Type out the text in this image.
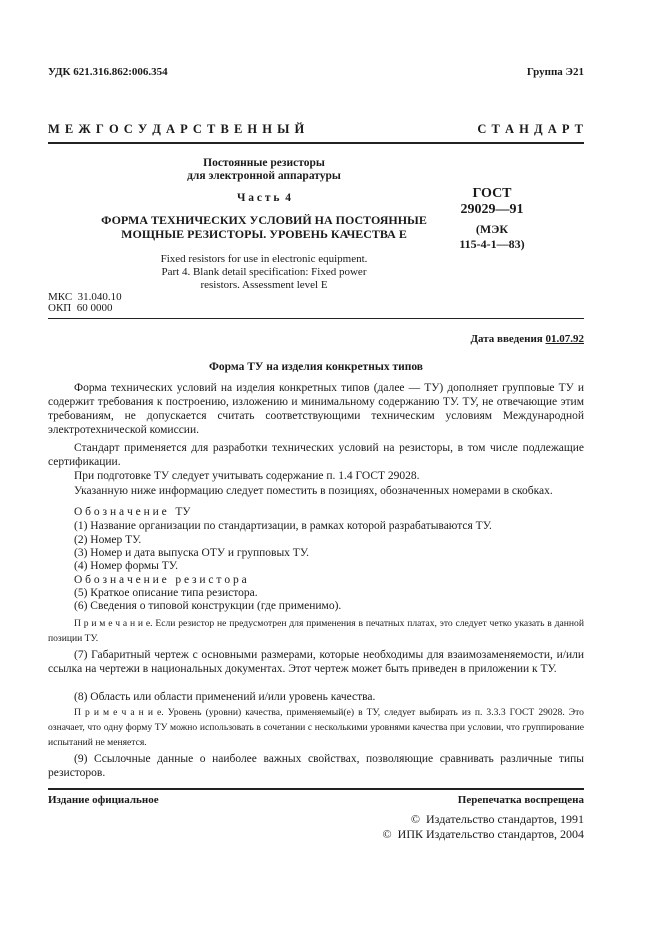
УДК 621.316.862:006.354	Группа Э21
М Е Ж Г О С У Д А Р С Т В Е Н Н Ы Й	С Т А Н Д А Р Т
Постоянные резисторы
для электронной аппаратуры
Ч а с т ь  4
ФОРМА ТЕХНИЧЕСКИХ УСЛОВИЙ НА ПОСТОЯННЫЕ
МОЩНЫЕ РЕЗИСТОРЫ. УРОВЕНЬ КАЧЕСТВА Е
Fixed resistors for use in electronic equipment.
Part 4. Blank detail specification: Fixed power
resistors. Assessment level E
ГОСТ
29029—91
(МЭК
115-4-1—83)
МКС  31.040.10
ОКП  60 0000
Дата введения 01.07.92
Форма ТУ на изделия конкретных типов
Форма технических условий на изделия конкретных типов (далее — ТУ) дополняет групповые ТУ и содержит требования к построению, изложению и минимальному содержанию ТУ. ТУ, не отвечающие этим требованиям, не допускается считать соответствующими техническим условиям Международной электротехнической комиссии.
Стандарт применяется для разработки технических условий на резисторы, в том числе подлежащие сертификации.
При подготовке ТУ следует учитывать содержание п. 1.4 ГОСТ 29028.
Указанную ниже информацию следует поместить в позициях, обозначенных номерами в скобках.
О б о з н а ч е н и е   ТУ
(1) Название организации по стандартизации, в рамках которой разрабатываются ТУ.
(2) Номер ТУ.
(3) Номер и дата выпуска ОТУ и групповых ТУ.
(4) Номер формы ТУ.
О б о з н а ч е н и е   р е з и с т о р а
(5) Краткое описание типа резистора.
(6) Сведения о типовой конструкции (где применимо).
П р и м е ч а н и е. Если резистор не предусмотрен для применения в печатных платах, это следует четко указать в данной позиции ТУ.
(7) Габаритный чертеж с основными размерами, которые необходимы для взаимозаменяемости, и/или ссылка на чертежи в национальных документах. Этот чертеж может быть приведен в приложении к ТУ.
(8) Область или области применений и/или уровень качества.
П р и м е ч а н и е. Уровень (уровни) качества, применяемый(е) в ТУ, следует выбирать из п. 3.3.3 ГОСТ 29028. Это означает, что одну форму ТУ можно использовать в сочетании с несколькими уровнями качества при условии, что группирование испытаний не меняется.
(9) Ссылочные данные о наиболее важных свойствах, позволяющие сравнивать различные типы резисторов.
Издание официальное	Перепечатка воспрещена
©  Издательство стандартов, 1991
©  ИПК Издательство стандартов, 2004
